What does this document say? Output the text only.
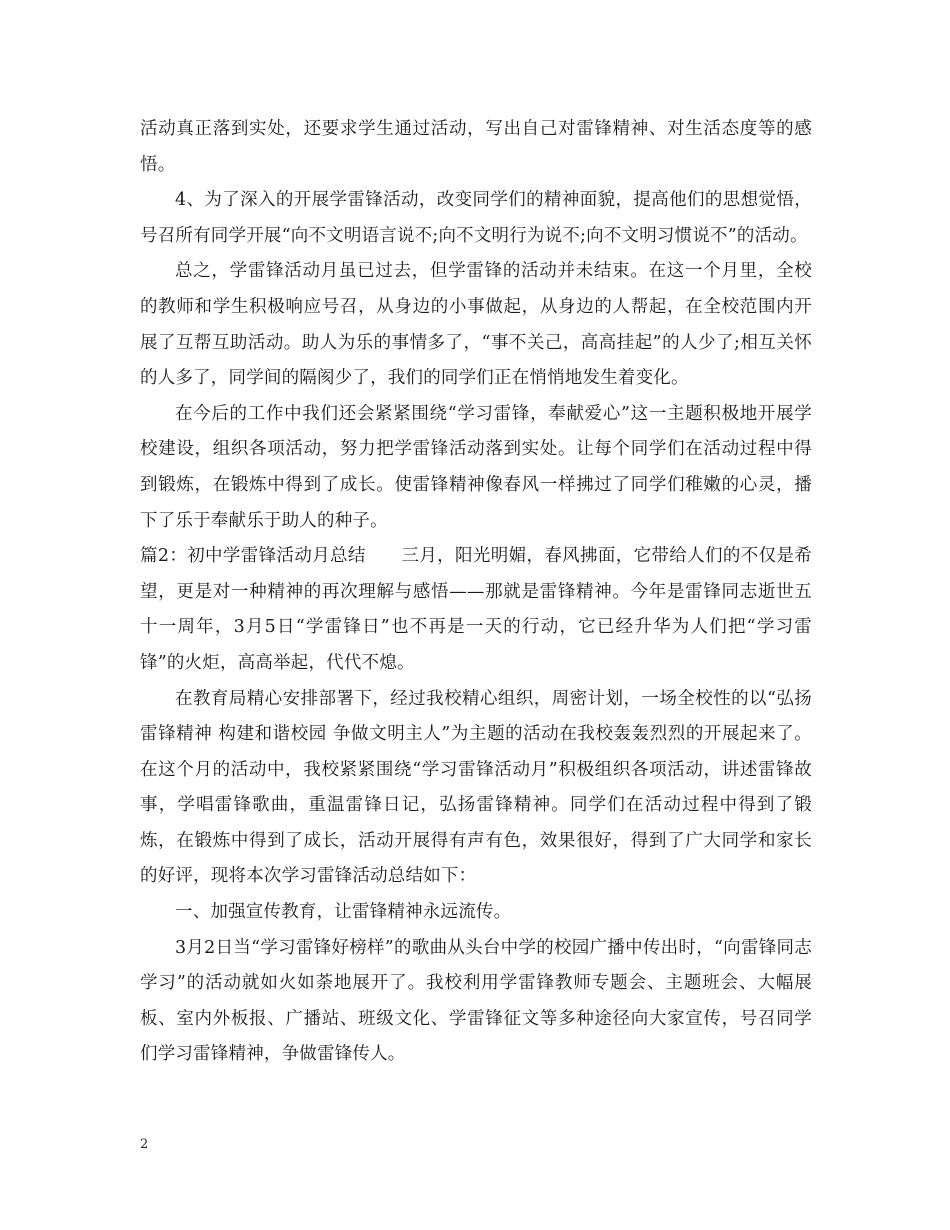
活动真正落到实处，还要求学生通过活动，写出自己对雷锋精神、对生活态度等的感悟。

4、为了深入的开展学雷锋活动，改变同学们的精神面貌，提高他们的思想觉悟，号召所有同学开展“向不文明语言说不;向不文明行为说不;向不文明习惯说不”的活动。

总之，学雷锋活动月虽已过去，但学雷锋的活动并未结束。在这一个月里，全校的教师和学生积极响应号召，从身边的小事做起，从身边的人帮起，在全校范围内开展了互帮互助活动。助人为乐的事情多了，“事不关己，高高挂起”的人少了;相互关怀的人多了，同学间的隔阂少了，我们的同学们正在悄悄地发生着变化。

在今后的工作中我们还会紧紧围绕“学习雷锋，奉献爱心”这一主题积极地开展学校建设，组织各项活动，努力把学雷锋活动落到实处。让每个同学们在活动过程中得到锻炼，在锻炼中得到了成长。使雷锋精神像春风一样拂过了同学们稚嫩的心灵，播下了乐于奉献乐于助人的种子。

篇2：初中学雷锋活动月总结　　三月，阳光明媚，春风拂面，它带给人们的不仅是希望，更是对一种精神的再次理解与感悟——那就是雷锋精神。今年是雷锋同志逝世五十一周年，3月5日“学雷锋日”也不再是一天的行动，它已经升华为人们把“学习雷锋”的火炬，高高举起，代代不熄。

在教育局精心安排部署下，经过我校精心组织，周密计划，一场全校性的以“弘扬雷锋精神 构建和谐校园 争做文明主人”为主题的活动在我校轰轰烈烈的开展起来了。在这个月的活动中，我校紧紧围绕“学习雷锋活动月”积极组织各项活动，讲述雷锋故事，学唱雷锋歌曲，重温雷锋日记，弘扬雷锋精神。同学们在活动过程中得到了锻炼，在锻炼中得到了成长，活动开展得有声有色，效果很好，得到了广大同学和家长的好评，现将本次学习雷锋活动总结如下：

一、加强宣传教育，让雷锋精神永远流传。

3月2日当“学习雷锋好榜样”的歌曲从头台中学的校园广播中传出时，“向雷锋同志学习”的活动就如火如荼地展开了。我校利用学雷锋教师专题会、主题班会、大幅展板、室内外板报、广播站、班级文化、学雷锋征文等多种途径向大家宣传，号召同学们学习雷锋精神，争做雷锋传人。

2
